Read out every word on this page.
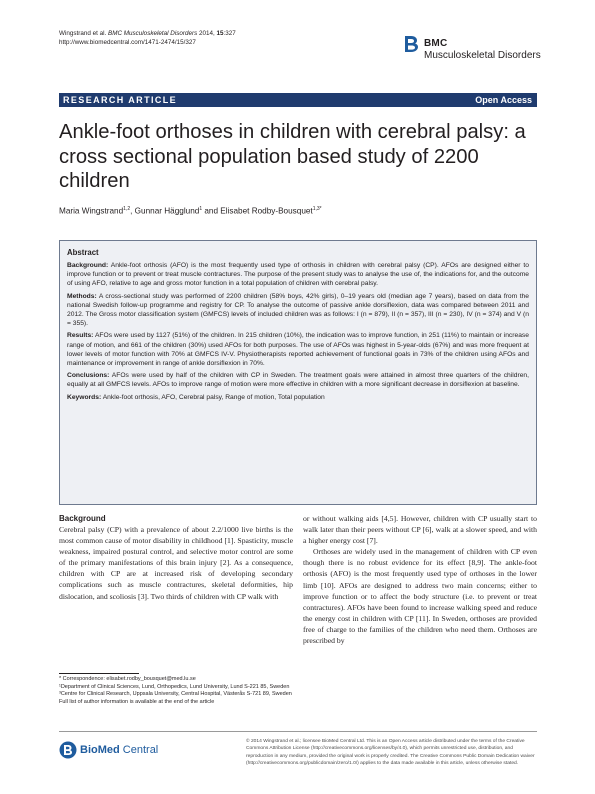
Wingstrand et al. BMC Musculoskeletal Disorders 2014, 15:327
http://www.biomedcentral.com/1471-2474/15/327	BMC
Musculoskeletal Disorders
RESEARCH ARTICLE	Open Access
Ankle-foot orthoses in children with cerebral palsy: a cross sectional population based study of 2200 children
Maria Wingstrand$^{1,2}$, Gunnar Hägglund$^1$ and Elisabet Rodby-Bousquet$^{1,3*}$
Abstract

Background: Ankle-foot orthosis (AFO) is the most frequently used type of orthosis in children with cerebral palsy (CP). AFOs are designed either to improve function or to prevent or treat muscle contractures. The purpose of the present study was to analyse the use of, the indications for, and the outcome of using AFO, relative to age and gross motor function in a total population of children with cerebral palsy.

Methods: A cross-sectional study was performed of 2200 children (58% boys, 42% girls), 0–19 years old (median age 7 years), based on data from the national Swedish follow-up programme and registry for CP. To analyse the outcome of passive ankle dorsiflexion, data was compared between 2011 and 2012. The Gross motor classification system (GMFCS) levels of included children was as follows: I (n = 879), II (n = 357), III (n = 230), IV (n = 374) and V (n = 355).

Results: AFOs were used by 1127 (51%) of the children. In 215 children (10%), the indication was to improve function, in 251 (11%) to maintain or increase range of motion, and 661 of the children (30%) used AFOs for both purposes. The use of AFOs was highest in 5-year-olds (67%) and was more frequent at lower levels of motor function with 70% at GMFCS IV-V. Physiotherapists reported achievement of functional goals in 73% of the children using AFOs and maintenance or improvement in range of ankle dorsiflexion in 70%.

Conclusions: AFOs were used by half of the children with CP in Sweden. The treatment goals were attained in almost three quarters of the children, equally at all GMFCS levels. AFOs to improve range of motion were more effective in children with a more significant decrease in dorsiflexion at baseline.

Keywords: Ankle-foot orthosis, AFO, Cerebral palsy, Range of motion, Total population

Background

Cerebral palsy (CP) with a prevalence of about 2.2/1000 live births is the most common cause of motor disability in childhood [1]. Spasticity, muscle weakness, impaired postural control, and selective motor control are some of the primary manifestations of this brain injury [2]. As a consequence, children with CP are at increased risk of developing secondary complications such as muscle contractures, skeletal deformities, hip dislocation, and scoliosis [3]. Two thirds of children with CP walk with

or without walking aids [4,5]. However, children with CP usually start to walk later than their peers without CP [6], walk at a slower speed, and with a higher energy cost [7].

Orthoses are widely used in the management of children with CP even though there is no robust evidence for its effect [8,9]. The ankle-foot orthosis (AFO) is the most frequently used type of orthoses in the lower limb [10]. AFOs are designed to address two main concerns; either to improve function or to affect the body structure (i.e. to prevent or treat contractures). AFOs have been found to increase walking speed and reduce the energy cost in children with CP [11]. In Sweden, orthoses are provided free of charge to the families of the children who need them. Orthoses are prescribed by

* Correspondence: elisabet.rodby_bousquet@med.lu.se

¹Department of Clinical Sciences, Lund, Orthopedics, Lund University, Lund S-221 85, Sweden

³Centre for Clinical Research, Uppsala University, Central Hospital, Västerås S-721 89, Sweden

Full list of author information is available at the end of the article

BioMed Central
© 2014 Wingstrand et al.; licensee BioMed Central Ltd. This is an Open Access article distributed under the terms of the Creative Commons Attribution License (http://creativecommons.org/licenses/by/4.0), which permits unrestricted use, distribution, and reproduction in any medium, provided the original work is properly credited. The Creative Commons Public Domain Dedication waiver (http://creativecommons.org/publicdomain/zero/1.0/) applies to the data made available in this article, unless otherwise stated.
